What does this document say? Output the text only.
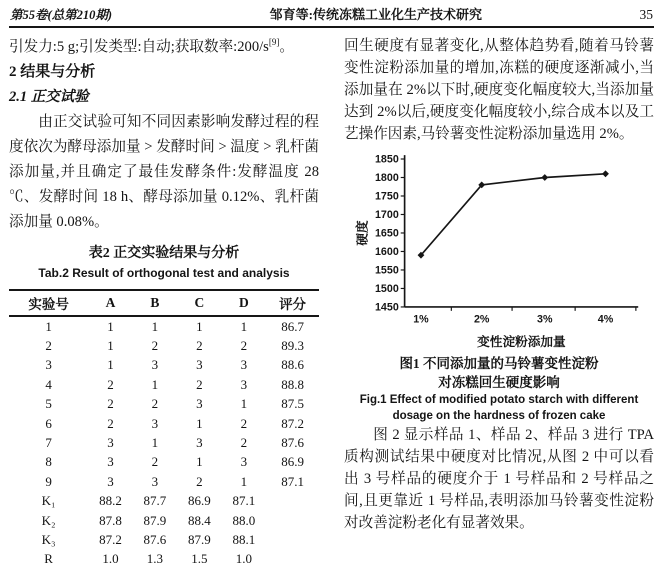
第55卷(总第210期)	邹育等:传统冻糕工业化生产技术研究	35

引发力:5 g;引发类型:自动;获取数率:200/s[9]。

2 结果与分析
2.1 正交试验

由正交试验可知不同因素影响发酵过程的程度依次为酵母添加量 > 发酵时间 > 温度 > 乳杆菌添加量,并且确定了最佳发酵条件:发酵温度 28 ℃、发酵时间 18 h、酵母添加量 0.12%、乳杆菌添加量 0.08%。

表2 正交实验结果与分析
Tab.2 Result of orthogonal test and analysis
实验号	A	B	C	D	评分
1	1	1	1	1	86.7
2	1	2	2	2	89.3
3	1	3	3	3	88.6
4	2	1	2	3	88.8
5	2	2	3	1	87.5
6	2	3	1	2	87.2
7	3	1	3	2	87.6
8	3	2	1	3	86.9
9	3	3	2	1	87.1
K₁	88.2	87.7	86.9	87.1	
K₂	87.8	87.9	88.4	88.0	
K₃	87.2	87.6	87.9	88.1	
R	1.0	1.3	1.5	1.0	

回生硬度有显著变化,从整体趋势看,随着马铃薯变性淀粉添加量的增加,冻糕的硬度逐渐减小,当添加量在 2%以下时,硬度变化幅度较大,当添加量达到 2%以后,硬度变化幅度较小,综合成本以及工艺操作因素,马铃薯变性淀粉添加量选用 2%。

1450
1500
1550
1600
1650
1700
1750
1800
1850
1%	2%	3%	4%
变性淀粉添加量
硬度
图1 不同添加量的马铃薯变性淀粉
对冻糕回生硬度影响
Fig.1 Effect of modified potato starch with different
dosage on the hardness of frozen cake

图 2 显示样品 1、样品 2、样品 3 进行 TPA 质构测试结果中硬度对比情况,从图 2 中可以看出 3 号样品的硬度介于 1 号样品和 2 号样品之间,且更靠近 1 号样品,表明添加马铃薯变性淀粉对改善淀粉老化有显著效果。
